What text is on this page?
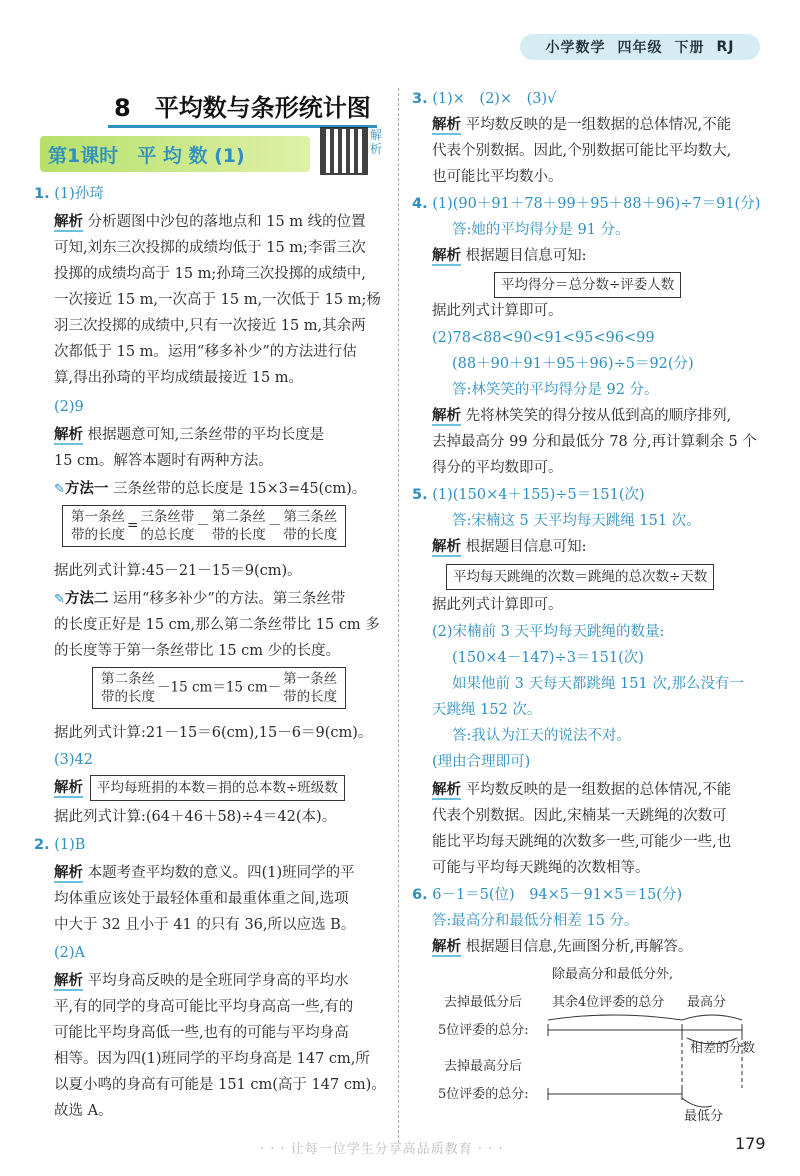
小学数学 四年级 下册 RJ
8　平均数与条形统计图
第1课时　平 均 数 (1)
解析
1. (1)孙琦
解析 分析题图中沙包的落地点和 15 m 线的位置
可知,刘东三次投掷的成绩均低于 15 m;李雷三次
投掷的成绩均高于 15 m;孙琦三次投掷的成绩中,
一次接近 15 m,一次高于 15 m,一次低于 15 m;杨
羽三次投掷的成绩中,只有一次接近 15 m,其余两
次都低于 15 m。运用“移多补少”的方法进行估
算,得出孙琦的平均成绩最接近 15 m。
(2)9
解析 根据题意可知,三条丝带的平均长度是
15 cm。解答本题时有两种方法。
✎方法一 三条丝带的总长度是 15×3=45(cm)。
第一条丝
带的长度=三条丝带
的总长度－第二条丝
带的长度－第三条丝
带的长度
据此列式计算:45－21－15＝9(cm)。
✎方法二 运用“移多补少”的方法。第三条丝带
的长度正好是 15 cm,那么第二条丝带比 15 cm 多
的长度等于第一条丝带比 15 cm 少的长度。
第二条丝
带的长度－15 cm＝15 cm－第一条丝
带的长度
据此列式计算:21－15＝6(cm),15－6＝9(cm)。
(3)42
解析	平均每班捐的本数＝捐的总本数÷班级数
据此列式计算:(64＋46＋58)÷4＝42(本)。
2. (1)B
解析 本题考查平均数的意义。四(1)班同学的平
均体重应该处于最轻体重和最重体重之间,选项
中大于 32 且小于 41 的只有 36,所以应选 B。
(2)A
解析 平均身高反映的是全班同学身高的平均水
平,有的同学的身高可能比平均身高高一些,有的
可能比平均身高低一些,也有的可能与平均身高
相等。因为四(1)班同学的平均身高是 147 cm,所
以夏小鸣的身高有可能是 151 cm(高于 147 cm)。
故选 A。
3. (1)×　(2)×　(3)√
解析 平均数反映的是一组数据的总体情况,不能
代表个别数据。因此,个别数据可能比平均数大,
也可能比平均数小。
4. (1)(90＋91＋78＋99＋95＋88＋96)÷7＝91(分)
答:她的平均得分是 91 分。
解析 根据题目信息可知:
平均得分＝总分数÷评委人数
据此列式计算即可。
(2)78<88<90<91<95<96<99
(88＋90＋91＋95＋96)÷5＝92(分)
答:林笑笑的平均得分是 92 分。
解析 先将林笑笑的得分按从低到高的顺序排列,
去掉最高分 99 分和最低分 78 分,再计算剩余 5 个
得分的平均数即可。
5. (1)(150×4＋155)÷5＝151(次)
答:宋楠这 5 天平均每天跳绳 151 次。
解析 根据题目信息可知:
平均每天跳绳的次数＝跳绳的总次数÷天数
据此列式计算即可。
(2)宋楠前 3 天平均每天跳绳的数量:
(150×4－147)÷3＝151(次)
如果他前 3 天每天都跳绳 151 次,那么没有一
天跳绳 152 次。
答:我认为江天的说法不对。
(理由合理即可)
解析 平均数反映的是一组数据的总体情况,不能
代表个别数据。因此,宋楠某一天跳绳的次数可
能比平均每天跳绳的次数多一些,可能少一些,也
可能与平均每天跳绳的次数相等。
6. 6－1＝5(位)　94×5－91×5＝15(分)
答:最高分和最低分相差 15 分。
解析 根据题目信息,先画图分析,再解答。
除最高分和最低分外,
去掉最低分后 其余4位评委的总分 最高分
5位评委的总分:
去掉最高分后
相差的分数
5位评委的总分:
最低分
· · · 让每一位学生分享高品质教育 · · ·	179
